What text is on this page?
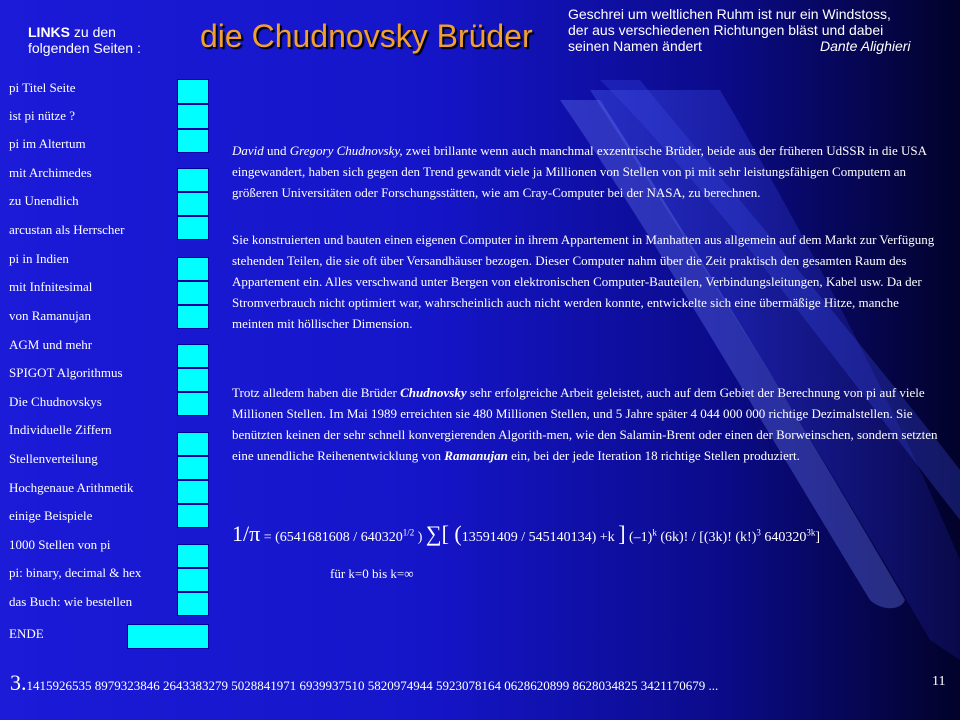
LINKS zu den
folgenden Seiten : die Chudnovsky Brüder
Geschrei um weltlichen Ruhm ist nur ein Windstoss,
der aus verschiedenen Richtungen bläst und dabei
seinen Namen ändert	Dante Alighieri
pi Titel Seite
ist pi nütze ?
pi im Altertum
mit Archimedes
zu Unendlich
arcustan als Herrscher
pi in Indien
mit Infnitesimal
von Ramanujan
AGM und mehr
SPIGOT Algorithmus
Die Chudnovskys
Individuelle Ziffern
Stellenverteilung
Hochgenaue Arithmetik
einige Beispiele
1000 Stellen von pi
pi: binary, decimal & hex
das Buch: wie bestellen
ENDE
David und Gregory Chudnovsky, zwei brillante wenn auch manchmal exzentrische Brüder, beide aus der früheren UdSSR in die USA eingewandert, haben sich gegen den Trend gewandt viele ja Millionen von Stellen von pi mit sehr leistungsfähigen Computern an größeren Universitäten oder Forschungsstätten, wie am Cray-Computer bei der NASA, zu berechnen.
Sie konstruierten und bauten einen eigenen Computer in ihrem Appartement in Manhatten aus allgemein auf dem Markt zur Verfügung stehenden Teilen, die sie oft über Versandhäuser bezogen. Dieser Computer nahm über die Zeit praktisch den gesamten Raum des Appartement ein. Alles verschwand unter Bergen von elektronischen Computer-Bauteilen, Verbindungsleitungen, Kabel usw. Da der Stromverbrauch nicht optimiert war, wahrscheinlich auch nicht werden konnte, entwickelte sich eine übermäßige Hitze, manche meinten mit höllischer Dimension.
Trotz alledem haben die Brüder Chudnovsky sehr erfolgreiche Arbeit geleistet, auch auf dem Gebiet der Berechnung von pi auf viele Millionen Stellen. Im Mai 1989 erreichten sie 480 Millionen Stellen, und 5 Jahre später 4 044 000 000 richtige Dezimalstellen. Sie benützten keinen der sehr schnell konvergierenden Algorith-men, wie den Salamin-Brent oder einen der Borweinschen, sondern setzten eine unendliche Reihenentwicklung von Ramanujan ein, bei der jede Iteration 18 richtige Stellen produziert.
$1/\pi = (6541681608 / 640320^{1/2}$ ) ∑[ (13591409 / 545140134) +k ] $(-1)^k$ (6k)! / [(3k)! $(k!)^3$ $640320^{3k}$]
für k=0 bis k=∞
3.1415926535 8979323846 2643383279 5028841971 6939937510 5820974944 5923078164 0628620899 8628034825 3421170679 ...	11
